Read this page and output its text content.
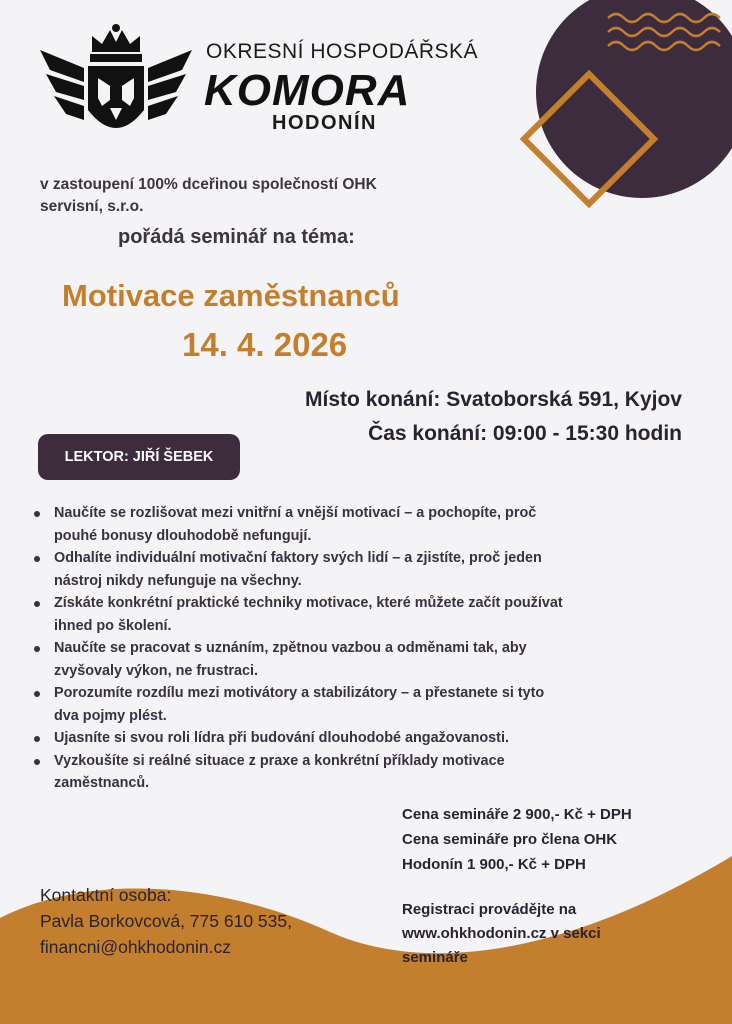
OKRESNÍ HOSPODÁŘSKÁ
KOMORA
HODONÍN
v zastoupení 100% dceřinou společností OHK
servisní, s.r.o.
pořádá seminář na téma:
Motivace zaměstnanců
14. 4. 2026
Místo konání: Svatoborská 591, Kyjov
Čas konání: 09:00 - 15:30 hodin
LEKTOR: JIŘÍ ŠEBEK
Naučíte se rozlišovat mezi vnitřní a vnější motivací – a pochopíte, proč
pouhé bonusy dlouhodobě nefungují.
Odhalíte individuální motivační faktory svých lidí – a zjistíte, proč jeden
nástroj nikdy nefunguje na všechny.
Získáte konkrétní praktické techniky motivace, které můžete začít používat
ihned po školení.
Naučíte se pracovat s uznáním, zpětnou vazbou a odměnami tak, aby
zvyšovaly výkon, ne frustraci.
Porozumíte rozdílu mezi motivátory a stabilizátory – a přestanete si tyto
dva pojmy plést.
Ujasníte si svou roli lídra při budování dlouhodobé angažovanosti.
Vyzkoušíte si reálné situace z praxe a konkrétní příklady motivace
zaměstnanců.
Cena semináře 2 900,- Kč + DPH
Cena semináře pro člena OHK
Hodonín 1 900,- Kč + DPH
Kontaktní osoba:
Pavla Borkovcová, 775 610 535,
financni@ohkhodonin.cz
Registraci provádějte na
www.ohkhodonin.cz v sekci
semináře
